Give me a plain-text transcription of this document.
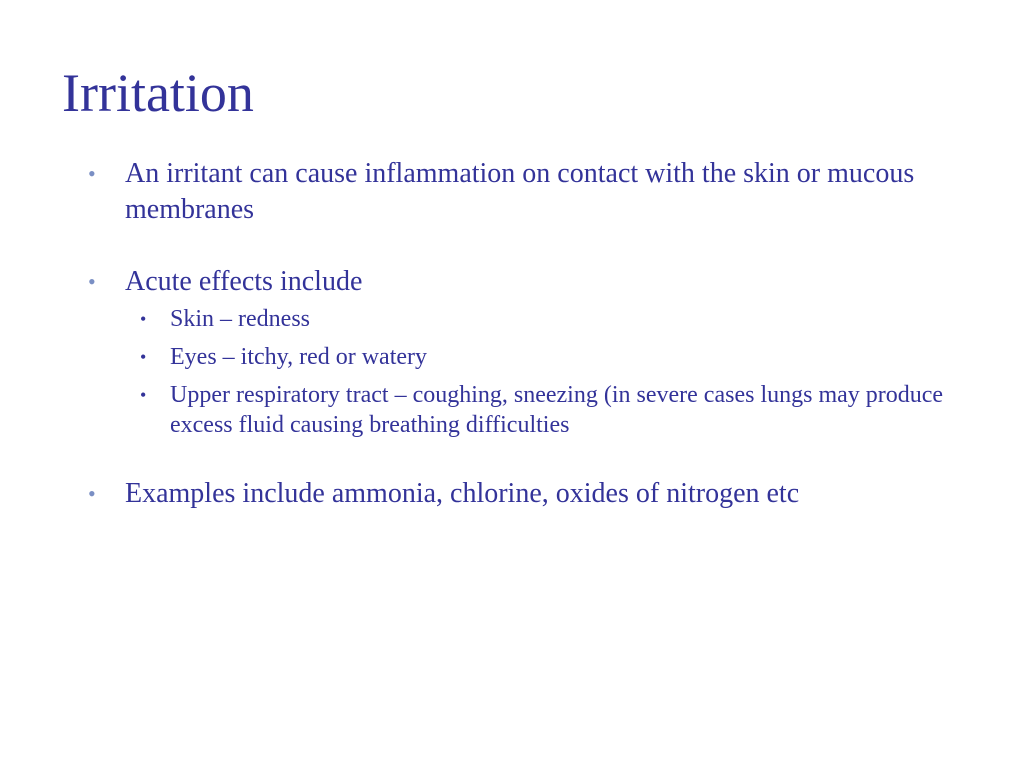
Irritation
• An irritant can cause inflammation on contact with the skin or mucous membranes
• Acute effects include
• Skin – redness
• Eyes – itchy, red or watery
• Upper respiratory tract – coughing, sneezing (in severe cases lungs may produce excess fluid causing breathing difficulties
• Examples include ammonia, chlorine, oxides of nitrogen etc
